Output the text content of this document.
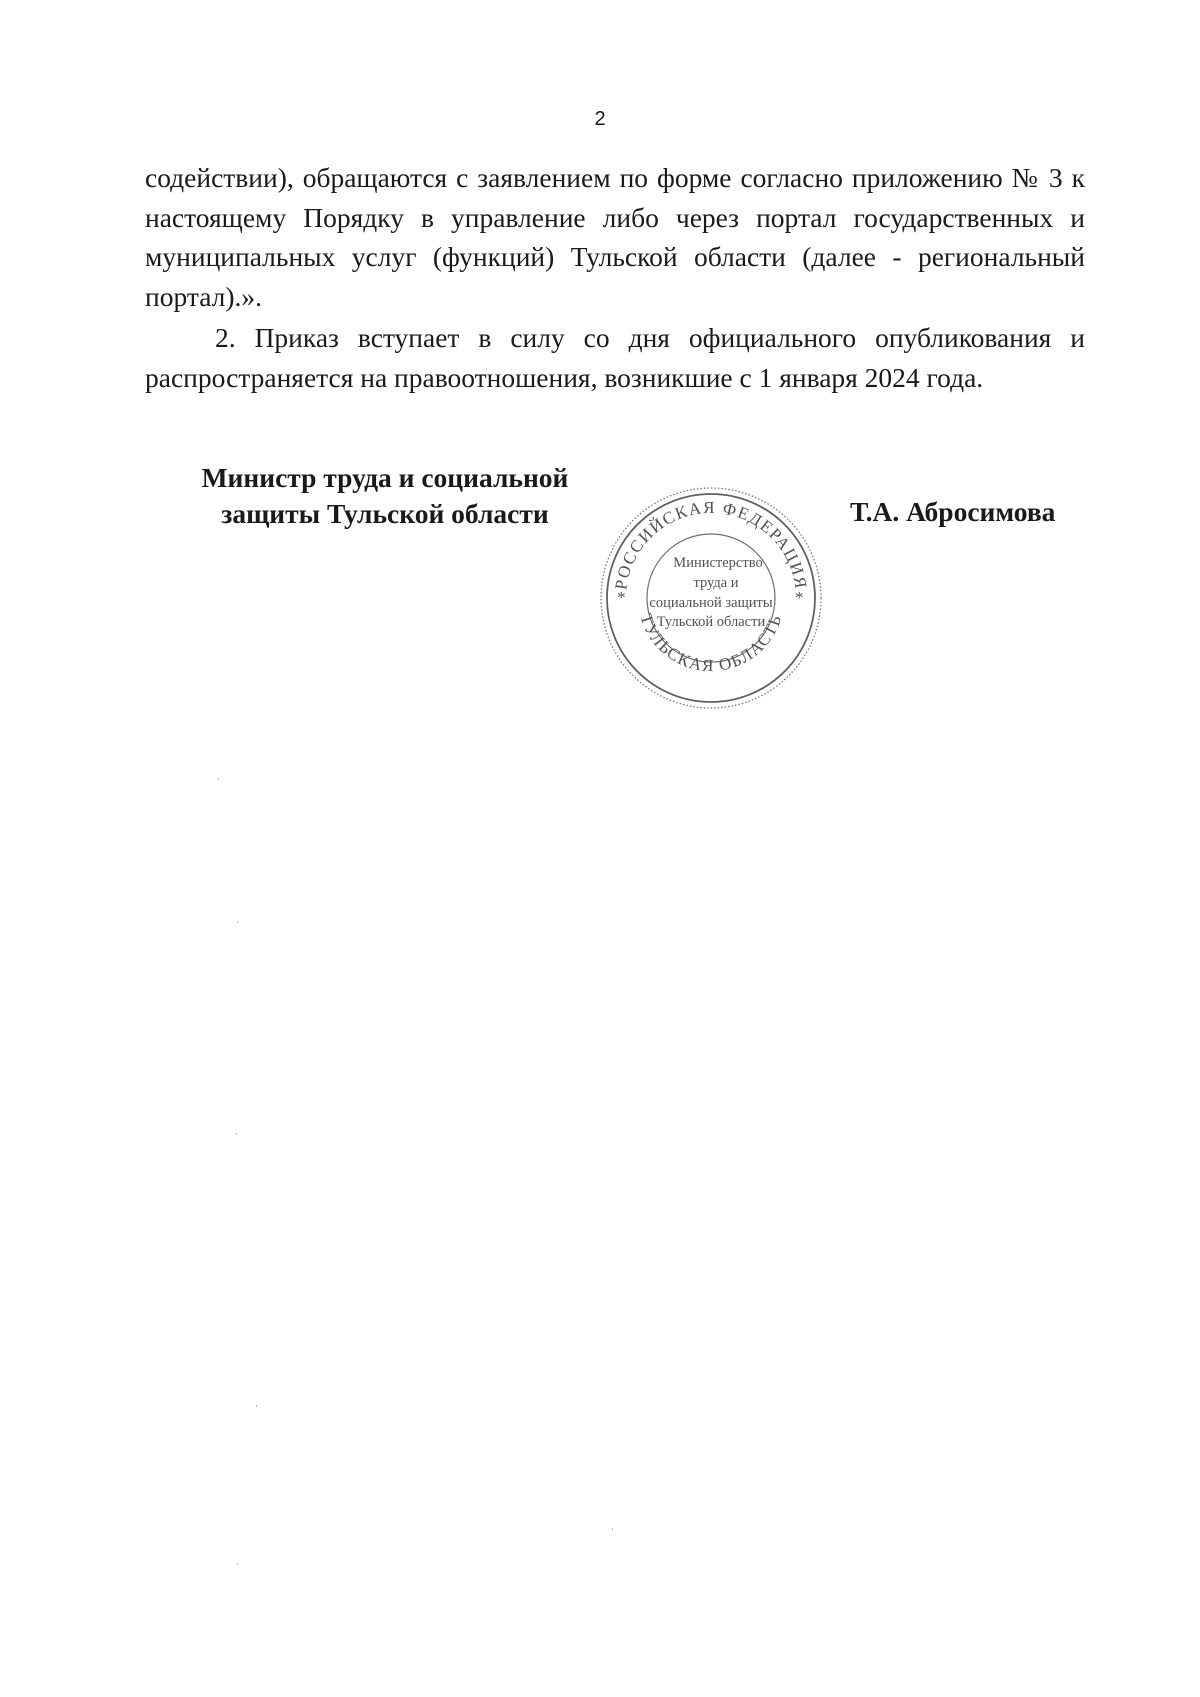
2

содействии), обращаются с заявлением по форме согласно приложению № 3 к настоящему Порядку в управление либо через портал государственных и муниципальных услуг (функций) Тульской области (далее - региональный портал).».

2. Приказ вступает в силу со дня официального опубликования и распространяется на правоотношения, возникшие с 1 января 2024 года.

Министр труда и социальной
защиты Тульской области
РОССИЙСКАЯ ФЕДЕРАЦИЯ
ТУЛЬСКАЯ ОБЛАСТЬ
*	*
Министерство
труда и
социальной защиты
Тульской области
Т.А. Абросимова
